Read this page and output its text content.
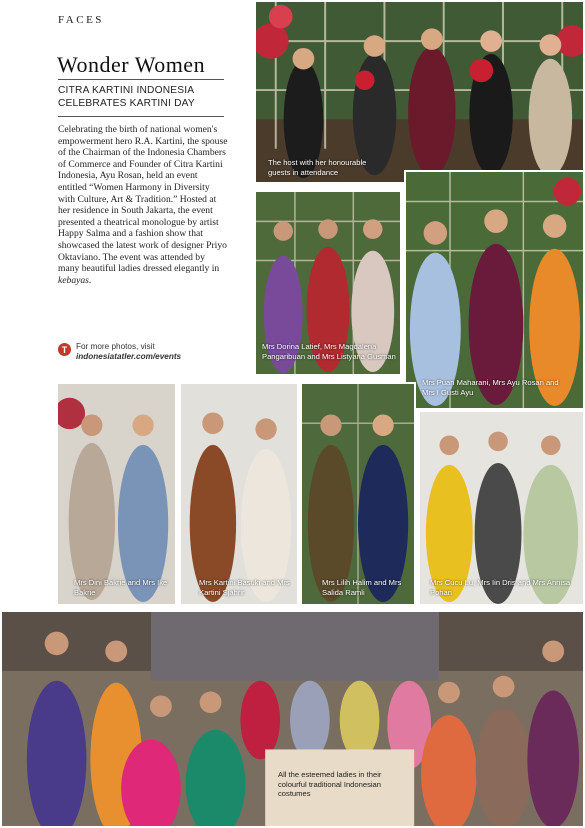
FACES
Wonder Women
CITRA KARTINI INDONESIA CELEBRATES KARTINI DAY
Celebrating the birth of national women's empowerment hero R.A. Kartini, the spouse of the Chairman of the Indonesia Chambers of Commerce and Founder of Citra Kartini Indonesia, Ayu Rosan, held an event entitled “Women Harmony in Diversity with Culture, Art & Tradition.” Hosted at her residence in South Jakarta, the event presented a theatrical monologue by artist Happy Salma and a fashion show that showcased the latest work of designer Priyo Oktaviano. The event was attended by many beautiful ladies dressed elegantly in kebayas.
T	For more photos, visit
indonesiatatler.com/events
The host with her honourable guests in attendance
Mrs Dorina Latief, Mrs Magdalena Pangaribuan and Mrs Listyana Gusman
Mrs Puan Maharani, Mrs Ayu Rosan and Mrs I Gusti Ayu
Mrs Dini Bakrie and Mrs Ike Bakrie
Mrs Kartini Basuki and Mrs Kartini Sjahrir
Mrs Lilih Halim and Mrs Salida Ramli
Mrs Cucu Lu, Mrs Iin Dris and Mrs Annisa Pohan
All the esteemed ladies in their colourful traditional Indonesian costumes
